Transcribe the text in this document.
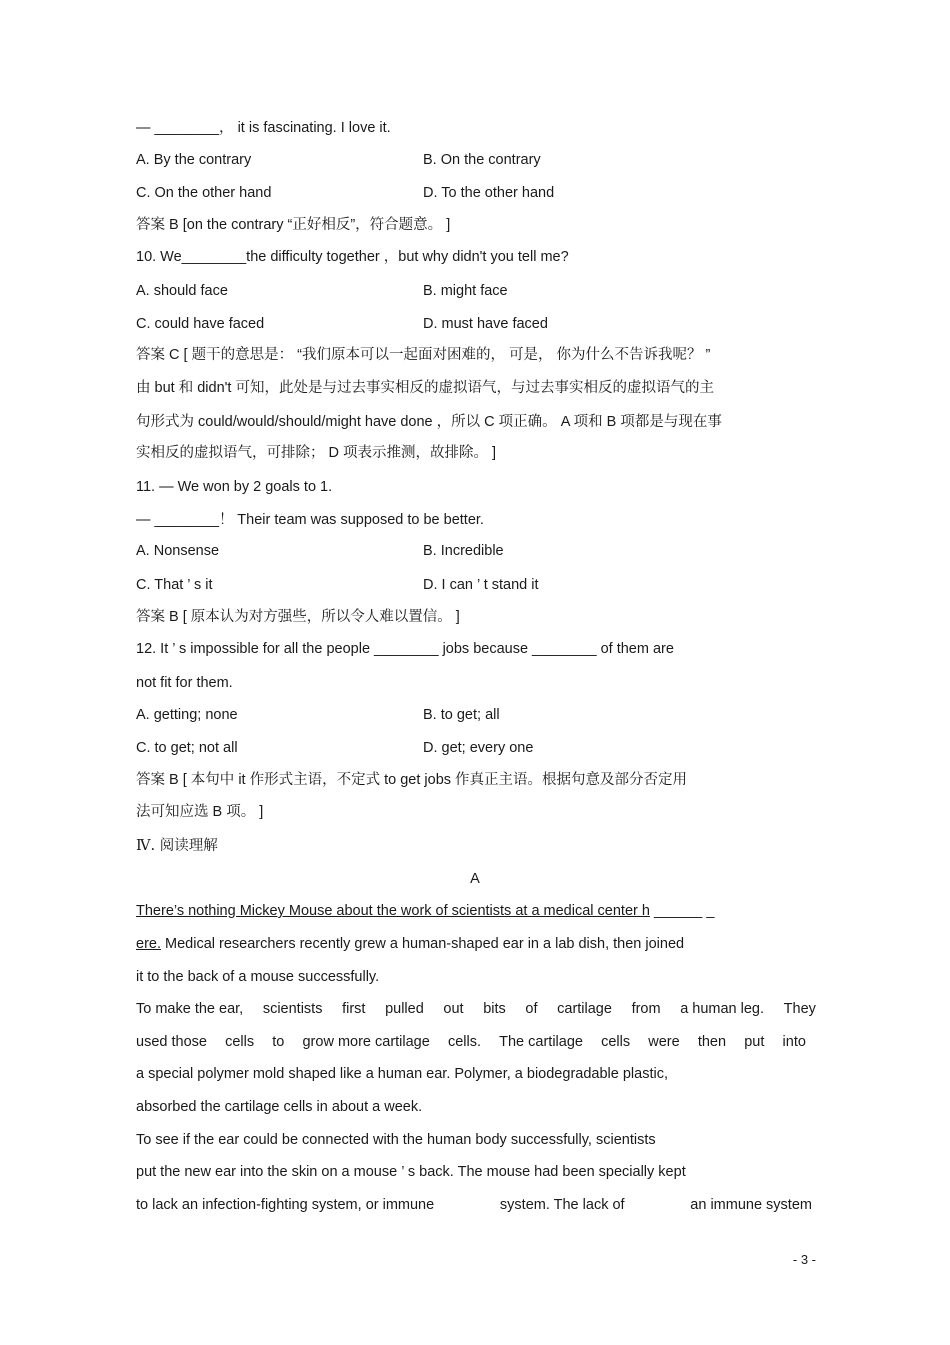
— ________， it is fascinating. I love it.
A. By the contrary	B. On the contrary
C. On the other hand	D. To the other hand
答案 B [on the contrary “正好相反”，符合题意。 ]
10. We________the difficulty together ，but why didn't you tell me?
A. should face	B. might face
C. could have faced	D. must have faced
答案 C [ 题干的意思是： “我们原本可以一起面对困难的， 可是， 你为什么不告诉我呢？ ”
由 but 和 didn't 可知，此处是与过去事实相反的虚拟语气，与过去事实相反的虚拟语气的主
句形式为 could/would/should/might have done ，所以 C 项正确。 A 项和 B 项都是与现在事
实相反的虚拟语气，可排除； D 项表示推测，故排除。 ]
11. — We won by 2 goals to 1.
— ________！ Their team was supposed to be better.
A. Nonsense	B. Incredible
C. That ’ s it	D. I can ’ t stand it
答案 B [ 原本认为对方强些，所以令人难以置信。 ]
12. It ’ s impossible for all the people ________ jobs because ________ of them are
not fit for them.
A. getting; none	B. to get; all
C. to get; not all	D. get; every one
答案 B [ 本句中 it 作形式主语，不定式 to get jobs 作真正主语。根据句意及部分否定用
法可知应选 B 项。 ]
Ⅳ. 阅读理解
A
There’s nothing Mickey Mouse about the work of scientists at a medical center h ______ _
ere. Medical researchers recently grew a human-shaped ear in a lab dish, then joined
it to the back of a mouse successfully.
To make the ear, scientists first pulled out bits of cartilage from a human leg. They
used those cells to grow more cartilage cells. The cartilage cells were then put into
a special polymer mold shaped like a human ear. Polymer, a biodegradable plastic,
absorbed the cartilage cells in about a week.
To see if the ear could be connected with the human body successfully, scientists
put the new ear into the skin on a mouse ’ s back. The mouse had been specially kept
to lack an infection-fighting system, or immune	system. The lack of	an immune system
- 3 -
